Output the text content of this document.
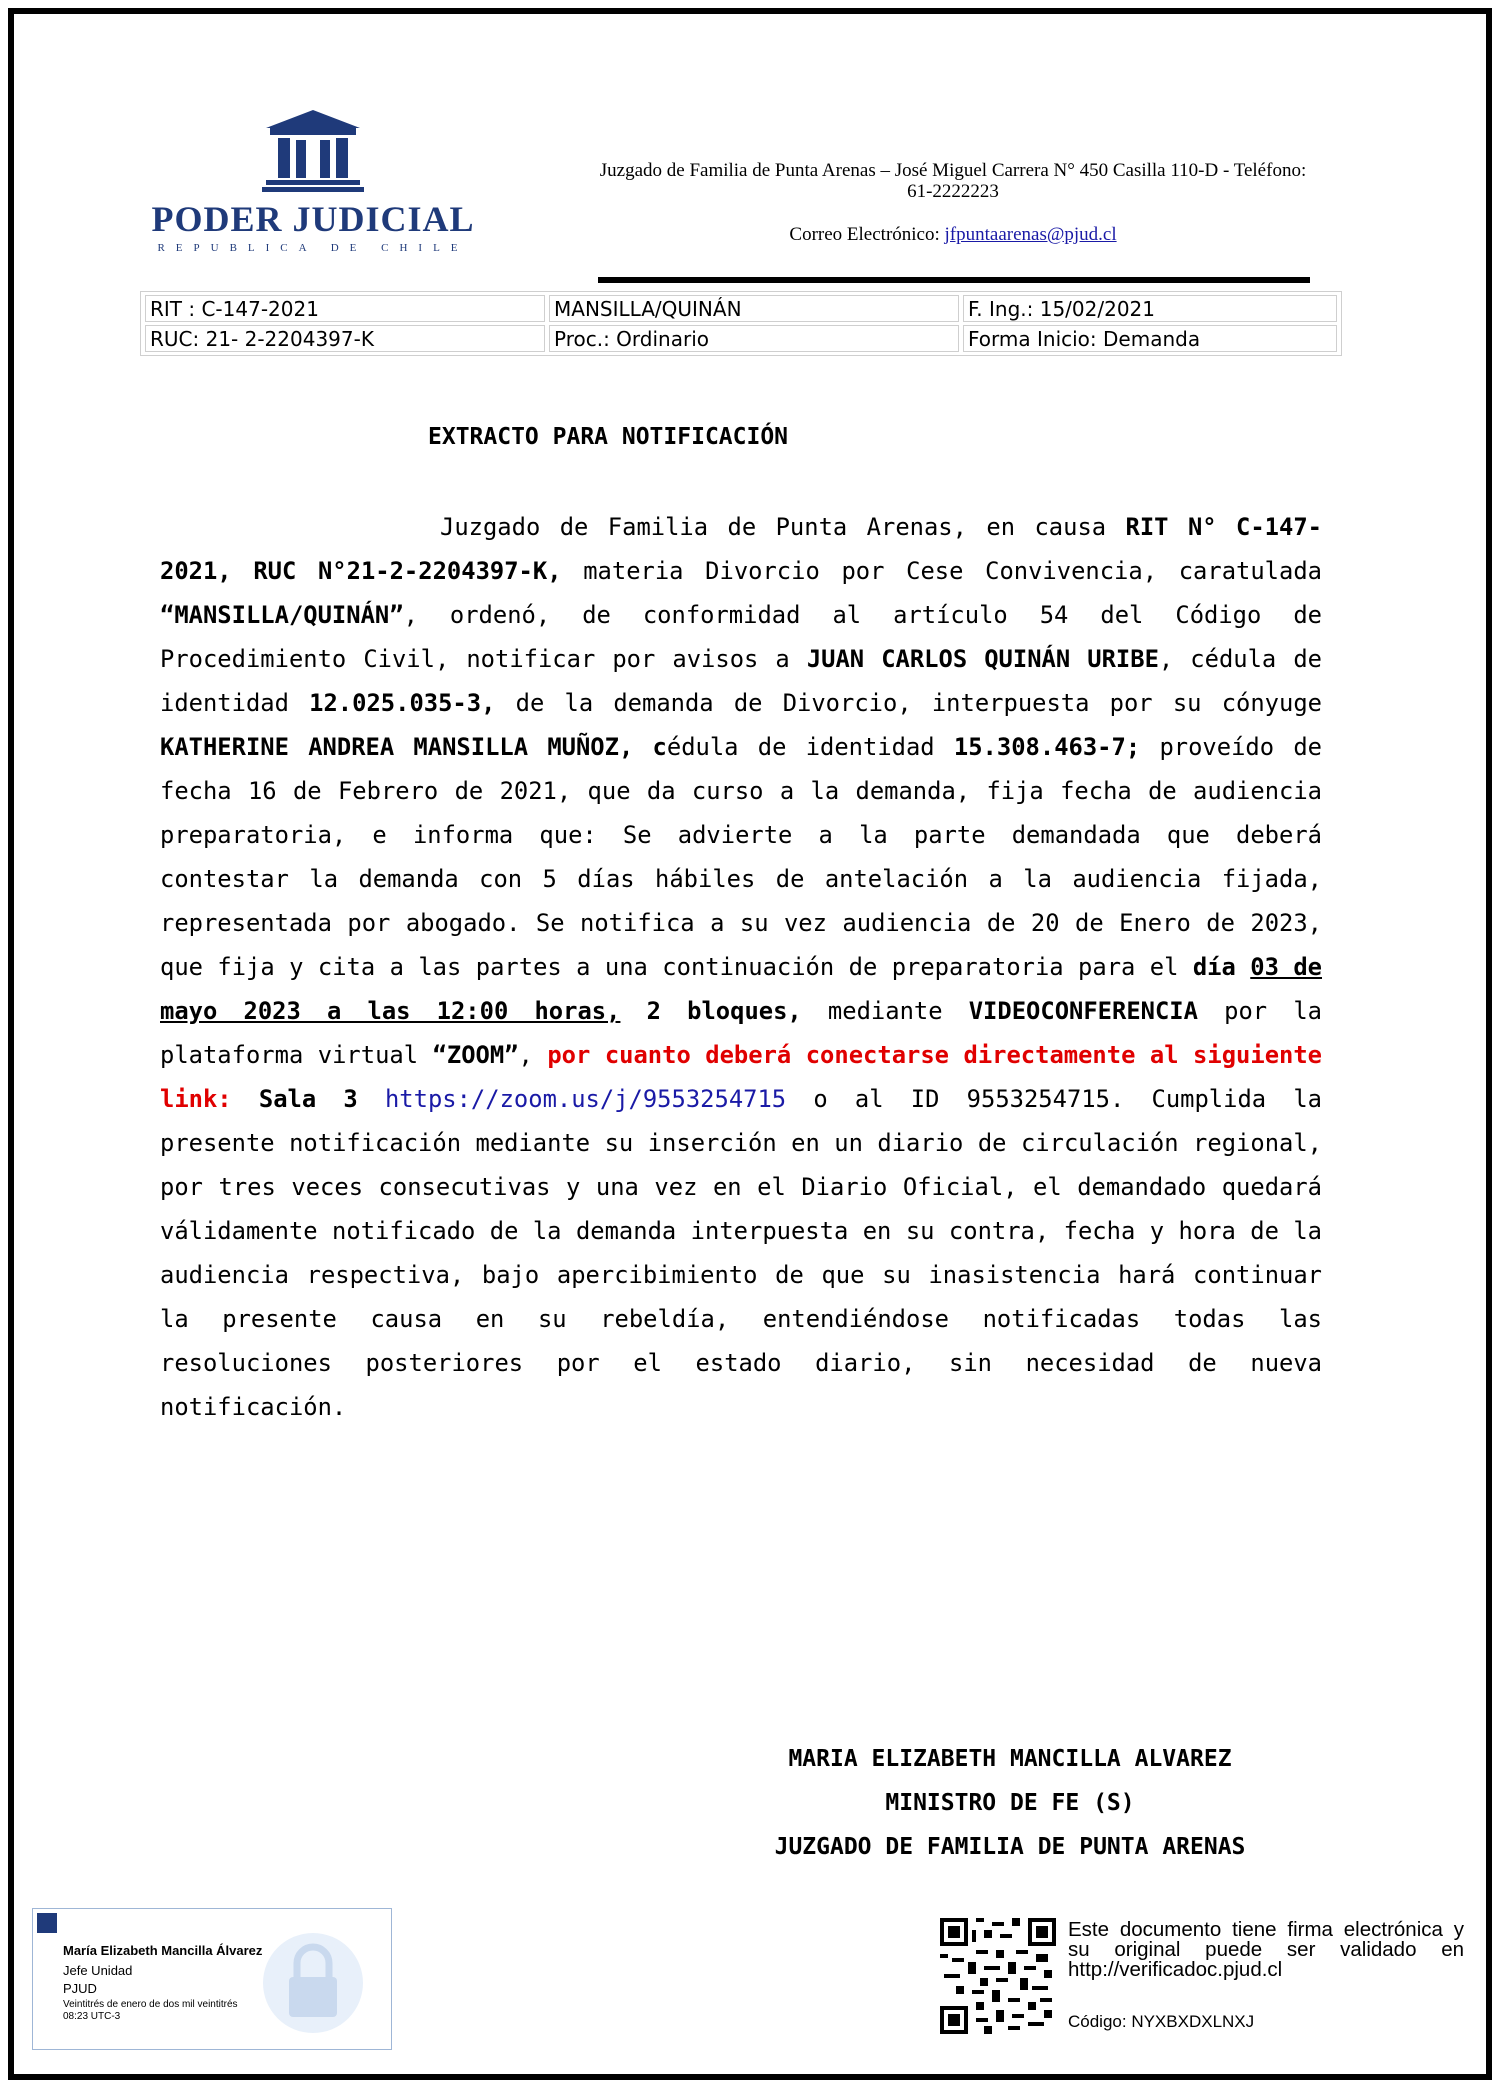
PODER JUDICIAL
REPUBLICA DE CHILE
Juzgado de Familia de Punta Arenas – José Miguel Carrera N° 450 Casilla 110-D - Teléfono: 61-2222223
Correo Electrónico: jfpuntaarenas@pjud.cl
RIT : C-147-2021	MANSILLA/QUINÁN	F. Ing.: 15/02/2021
RUC: 21- 2-2204397-K	Proc.: Ordinario	Forma Inicio: Demanda
EXTRACTO PARA NOTIFICACIÓN
Juzgado de Familia de Punta Arenas, en causa RIT N° C-147-2021, RUC N°21-2-2204397-K, materia Divorcio por Cese Convivencia, caratulada “MANSILLA/QUINÁN”, ordenó, de conformidad al artículo 54 del Código de Procedimiento Civil, notificar por avisos a JUAN CARLOS QUINÁN URIBE, cédula de identidad 12.025.035-3, de la demanda de Divorcio, interpuesta por su cónyuge KATHERINE ANDREA MANSILLA MUÑOZ, cédula de identidad 15.308.463-7; proveído de fecha 16 de Febrero de 2021, que da curso a la demanda, fija fecha de audiencia preparatoria, e informa que: Se advierte a la parte demandada que deberá contestar la demanda con 5 días hábiles de antelación a la audiencia fijada, representada por abogado. Se notifica a su vez audiencia de 20 de Enero de 2023, que fija y cita a las partes a una continuación de preparatoria para el día 03 de mayo 2023 a las 12:00 horas, 2 bloques, mediante VIDEOCONFERENCIA por la plataforma virtual “ZOOM”, por cuanto deberá conectarse directamente al siguiente link: Sala 3 https://zoom.us/j/9553254715 o al ID 9553254715. Cumplida la presente notificación mediante su inserción en un diario de circulación regional, por tres veces consecutivas y una vez en el Diario Oficial, el demandado quedará válidamente notificado de la demanda interpuesta en su contra, fecha y hora de la audiencia respectiva, bajo apercibimiento de que su inasistencia hará continuar la presente causa en su rebeldía, entendiéndose notificadas todas las resoluciones posteriores por el estado diario, sin necesidad de nueva notificación.
MARIA ELIZABETH MANCILLA ALVAREZ
MINISTRO DE FE (S)
JUZGADO DE FAMILIA DE PUNTA ARENAS
María Elizabeth Mancilla Álvarez
Jefe Unidad
PJUD
Veintitrés de enero de dos mil veintitrés
08:23 UTC-3
Este documento tiene firma electrónica y su original puede ser validado en http://verificadoc.pjud.cl
Código: NYXBXDXLNXJ
